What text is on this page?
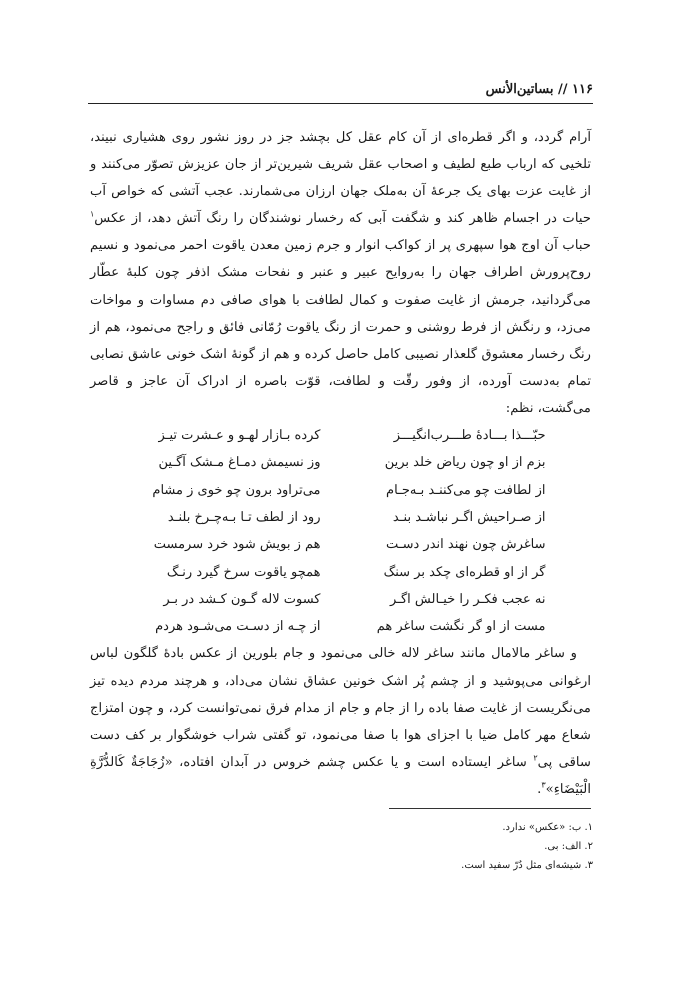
۱۱۶ // بساتین‌الأنس

آرام گردد، و اگر قطره‌ای از آن کام عقل کل بچشد جز در روز نشور روی هشیاری نبیند، تلخیی که ارباب طبع لطیف و اصحاب عقل شریف شیرین‌تر از جان عزیزش تصوّر می‌کنند و از غایت عزت بهای یک جرعهٔ آن به‌ملک جهان ارزان می‌شمارند. عجب آتشی که خواص آب حیات در اجسام ظاهر کند و شگفت آبی که رخسار نوشندگان را رنگ آتش دهد، از عکس$^۱$ حباب آن اوج هوا سپهری پر از کواکب انوار و جرم زمین معدن یاقوت احمر می‌نمود و نسیم روح‌پرورش اطراف جهان را به‌روایح عبیر و عنبر و نفحات مشک اذفر چون کلبهٔ عطّار می‌گردانید، جرمش از غایت صفوت و کمال لطافت با هوای صافی دم مساوات و مواخات می‌زد، و رنگش از فرط روشنی و حمرت از رنگ یاقوت رُمّانی فائق و راجح می‌نمود، هم از رنگ رخسار معشوق گلعذار نصیبی کامل حاصل کرده و هم از گونهٔ اشک خونی عاشق نصابی تمام به‌دست آورده، از وفور رقّت و لطافت، قوّت باصره از ادراک آن عاجز و قاصر می‌گشت، نظم:

حبّـــذا بـــادهٔ طـــرب‌انگیـــز
کرده بـازار لهـو و عـشرت تیـز
بزم از او چون ریاض خلد برین
وز نسیمش دمـاغ مـشک آگـین
از لطافت چو می‌کننـد بـه‌جـام
می‌تراود برون چو خوی ز مشام
از صـراحیش اگـر نباشـد بنـد
رود از لطف تـا بـه‌چـرخ بلنـد
ساغرش چون نهند اندر دسـت
هم ز بویش شود خرد سرمست
گر از او قطره‌ای چکد بر سنگ
همچو یاقوت سرخ گیرد رنـگ
نه عجب فکـر را خیـالش اگـر
کسوت لاله گـون کـشد در بـر
مست از او گر نگشت ساغر هم
از چـه از دسـت می‌شـود هردم

و ساغر مالامال مانند ساغر لاله خالی می‌نمود و جام بلورین از عکس بادهٔ گلگون لباس ارغوانی می‌پوشید و از چشم پُر اشک خونین عشاق نشان می‌داد، و هرچند مردم دیده تیز می‌نگریست از غایت صفا باده را از جام و جام از مدام فرق نمی‌توانست کرد، و چون امتزاج شعاع مهر کامل ضیا با اجزای هوا با صفا می‌نمود، تو گفتی شراب خوشگوار بر کف دست ساقی پی$^۲$ ساغر ایستاده است و یا عکس چشم خروس در آبدان افتاده، «زُجَاجَةٌ کَالدُّرَّةِ الْبَیْضَاءِ»$^۳$.

۱. ب: «عکس» ندارد.
۲. الف: بی.
۳. شیشه‌ای مثل دُرّ سفید است.
